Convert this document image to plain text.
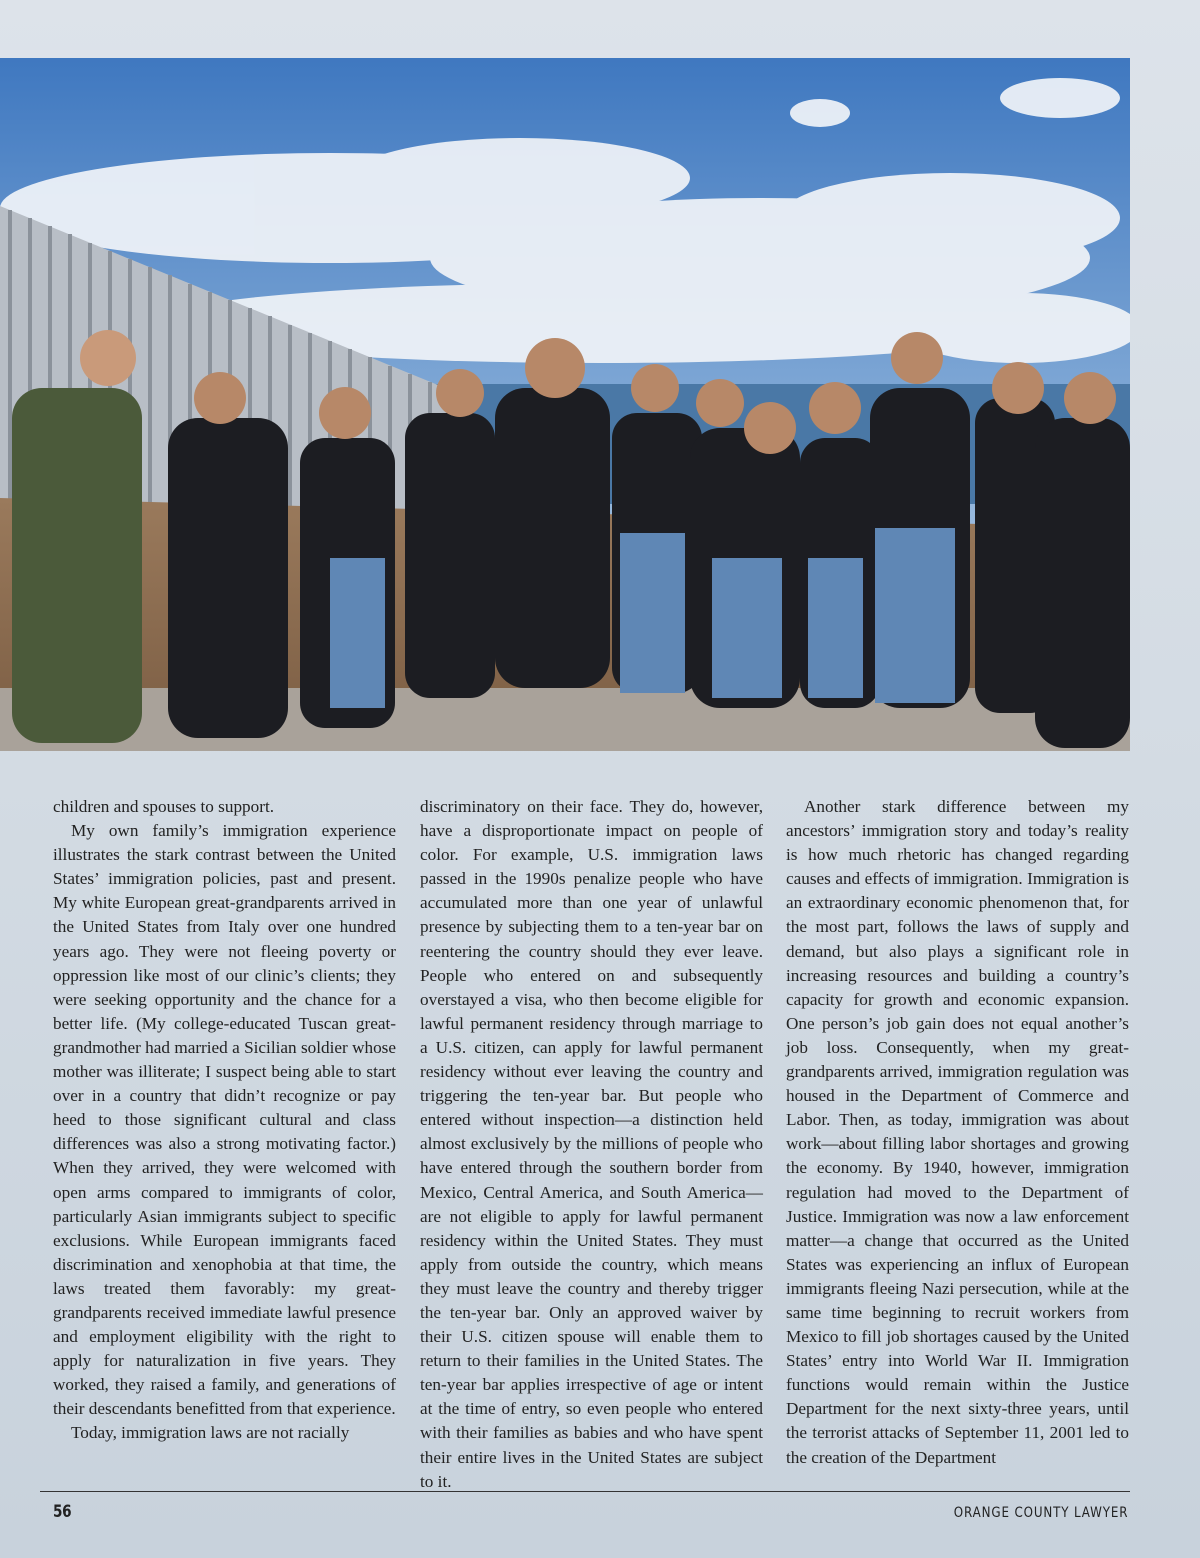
children and spouses to support.

My own family’s immigration experience illustrates the stark contrast between the United States’ immigration policies, past and present. My white European great-grandparents arrived in the United States from Italy over one hundred years ago. They were not fleeing poverty or oppression like most of our clinic’s clients; they were seeking opportunity and the chance for a better life. (My college-educated Tuscan great-grandmother had married a Sicilian soldier whose mother was illiterate; I suspect being able to start over in a country that didn’t recognize or pay heed to those significant cultural and class differences was also a strong motivating factor.) When they arrived, they were welcomed with open arms compared to immigrants of color, particularly Asian immigrants subject to specific exclusions. While European immigrants faced discrimination and xenophobia at that time, the laws treated them favorably: my great-grandparents received immediate lawful presence and employment eligibility with the right to apply for naturalization in five years. They worked, they raised a family, and generations of their descendants benefitted from that experience.

Today, immigration laws are not racially

discriminatory on their face. They do, however, have a disproportionate impact on people of color. For example, U.S. immigration laws passed in the 1990s penalize people who have accumulated more than one year of unlawful presence by subjecting them to a ten-year bar on reentering the country should they ever leave. People who entered on and subsequently overstayed a visa, who then become eligible for lawful permanent residency through marriage to a U.S. citizen, can apply for lawful permanent residency without ever leaving the country and triggering the ten-year bar. But people who entered without inspection—a distinction held almost exclusively by the millions of people who have entered through the southern border from Mexico, Central America, and South America—are not eligible to apply for lawful permanent residency within the United States. They must apply from outside the country, which means they must leave the country and thereby trigger the ten-year bar. Only an approved waiver by their U.S. citizen spouse will enable them to return to their families in the United States. The ten-year bar applies irrespective of age or intent at the time of entry, so even people who entered with their families as babies and who have spent their entire lives in the United States are subject to it.

Another stark difference between my ancestors’ immigration story and today’s reality is how much rhetoric has changed regarding causes and effects of immigration. Immigration is an extraordinary economic phenomenon that, for the most part, follows the laws of supply and demand, but also plays a significant role in increasing resources and building a country’s capacity for growth and economic expansion. One person’s job gain does not equal another’s job loss. Consequently, when my great-grandparents arrived, immigration regulation was housed in the Department of Commerce and Labor. Then, as today, immigration was about work—about filling labor shortages and growing the economy. By 1940, however, immigration regulation had moved to the Department of Justice. Immigration was now a law enforcement matter—a change that occurred as the United States was experiencing an influx of European immigrants fleeing Nazi persecution, while at the same time beginning to recruit workers from Mexico to fill job shortages caused by the United States’ entry into World War II. Immigration functions would remain within the Justice Department for the next sixty-three years, until the terrorist attacks of September 11, 2001 led to the creation of the Department

56	ORANGE COUNTY LAWYER
